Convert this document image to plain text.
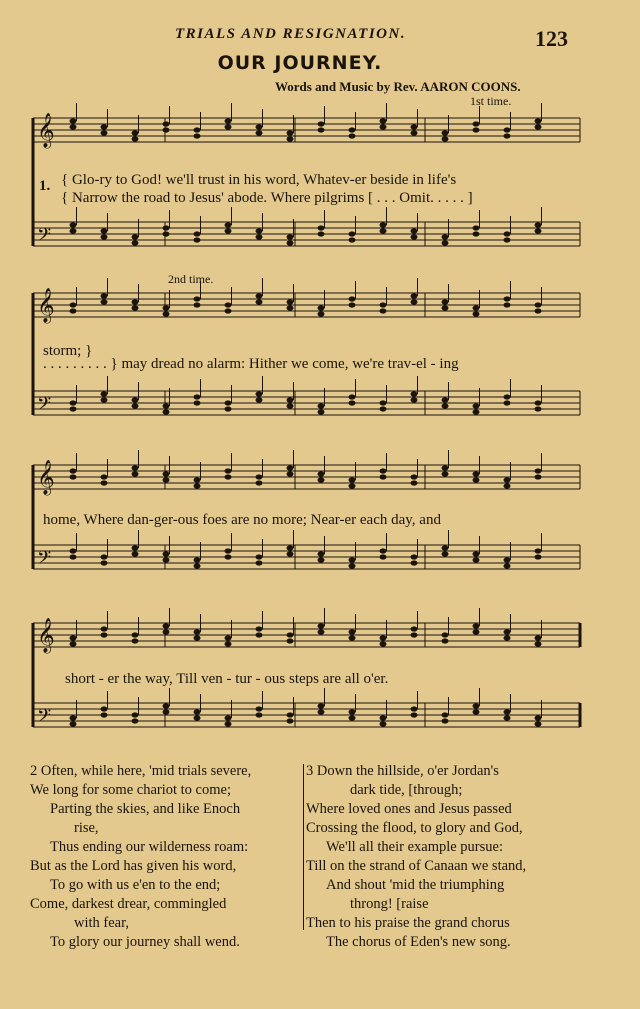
TRIALS AND RESIGNATION.	123
OUR JOURNEY.
Words and Music by Rev. AARON COONS.
1st time.
2nd time.
𝄞
𝄢
1. { Glo-ry to God! we'll trust in his word, Whatev-er beside in life's
{ Narrow the road to Jesus' abode. Where pilgrims [ . . . Omit. . . . . ]
𝄞
𝄢
storm; }
. . . . . . . . . } may dread no alarm: Hither we come, we're trav-el - ing
𝄞
𝄢
home, Where dan-ger-ous foes are no more; Near-er each day, and
𝄞
𝄢
short - er the way, Till ven - tur - ous steps are all o'er.
2 Often, while here, 'mid trials severe,
We long for some chariot to come;
Parting the skies, and like Enoch
rise,
Thus ending our wilderness roam:
But as the Lord has given his word,
To go with us e'en to the end;
Come, darkest drear, commingled
with fear,
To glory our journey shall wend.
3 Down the hillside, o'er Jordan's
dark tide, [through;
Where loved ones and Jesus passed
Crossing the flood, to glory and God,
We'll all their example pursue:
Till on the strand of Canaan we stand,
And shout 'mid the triumphing
throng! [raise
Then to his praise the grand chorus
The chorus of Eden's new song.
